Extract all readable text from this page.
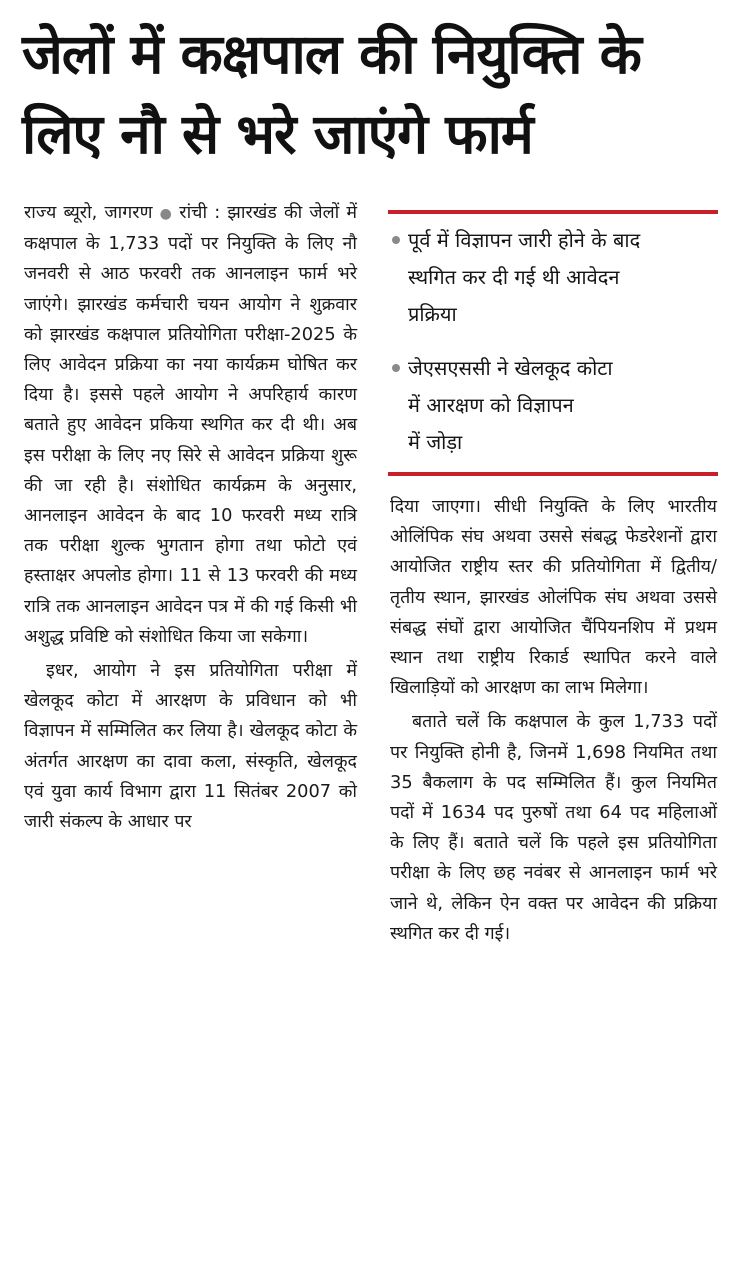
जेलों में कक्षपाल की नियुक्ति के
लिए नौ से भरे जाएंगे फार्म

राज्य ब्यूरो, जागरण ● रांची : झारखंड की जेलों में कक्षपाल के 1,733 पदों पर नियुक्ति के लिए नौ जनवरी से आठ फरवरी तक आनलाइन फार्म भरे जाएंगे। झारखंड कर्मचारी चयन आयोग ने शुक्रवार को झारखंड कक्षपाल प्रतियोगिता परीक्षा-2025 के लिए आवेदन प्रक्रिया का नया कार्यक्रम घोषित कर दिया है। इससे पहले आयोग ने अपरिहार्य कारण बताते हुए आवेदन प्रकिया स्थगित कर दी थी। अब इस परीक्षा के लिए नए सिरे से आवेदन प्रक्रिया शुरू की जा रही है। संशोधित कार्यक्रम के अनुसार, आनलाइन आवेदन के बाद 10 फरवरी मध्य रात्रि तक परीक्षा शुल्क भुगतान होगा तथा फोटो एवं हस्ताक्षर अपलोड होगा। 11 से 13 फरवरी की मध्य रात्रि तक आनलाइन आवेदन पत्र में की गई किसी भी अशुद्ध प्रविष्टि को संशोधित किया जा सकेगा।

इधर, आयोग ने इस प्रतियोगिता परीक्षा में खेलकूद कोटा में आरक्षण के प्रविधान को भी विज्ञापन में सम्मिलित कर लिया है। खेलकूद कोटा के अंतर्गत आरक्षण का दावा कला, संस्कृति, खेलकूद एवं युवा कार्य विभाग द्वारा 11 सितंबर 2007 को जारी संकल्प के आधार पर

पूर्व में विज्ञापन जारी होने के बाद
स्थगित कर दी गई थी आवेदन
प्रक्रिया
जेएसएससी ने खेलकूद कोटा
में आरक्षण को विज्ञापन
में जोड़ा

दिया जाएगा। सीधी नियुक्ति के लिए भारतीय ओलिंपिक संघ अथवा उससे संबद्ध फेडरेशनों द्वारा आयोजित राष्ट्रीय स्तर की प्रतियोगिता में द्वितीय/तृतीय स्थान, झारखंड ओलंपिक संघ अथवा उससे संबद्ध संघों द्वारा आयोजित चैंपियनशिप में प्रथम स्थान तथा राष्ट्रीय रिकार्ड स्थापित करने वाले खिलाड़ियों को आरक्षण का लाभ मिलेगा।

बताते चलें कि कक्षपाल के कुल 1,733 पदों पर नियुक्ति होनी है, जिनमें 1,698 नियमित तथा 35 बैकलाग के पद सम्मिलित हैं। कुल नियमित पदों में 1634 पद पुरुषों तथा 64 पद महिलाओं के लिए हैं। बताते चलें कि पहले इस प्रतियोगिता परीक्षा के लिए छह नवंबर से आनलाइन फार्म भरे जाने थे, लेकिन ऐन वक्त पर आवेदन की प्रक्रिया स्थगित कर दी गई।
